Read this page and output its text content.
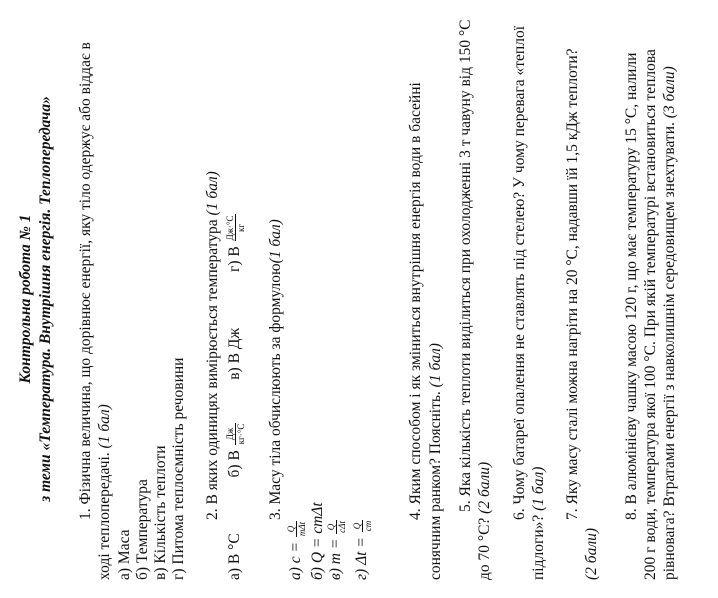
Контрольна робота № 1 з теми «Температура. Внутрішня енергія. Теплопередача» 1. Фізична величина, що дорівнює енергії, яку тіло одержує або віддає в ході теплопередачі. (1 бал)
а) Маса б) Температура в) Кількість теплоти г) Питома теплоємність речовини 2. В яких одиницях вимірюється температура (1 бал)
а) В °С б) В
Дж кг·°С
в) В Дж г) В
Дж·°С кг
3. Масу тіла обчислюють за формулою(1 бал)
а) c =
Q mΔt б) Q = cmΔt в) m =
Q cΔt
г) Δt =
Q cm
4. Яким способом і як зміниться внутрішня енергія води в басейні сонячним ранком? Поясніть. (1 бал) 5. Яка кількість теплоти виділиться при охолодженні 3 т чавуну від 150 °С
до 70 °С? (2 бали) 6. Чому батареї опалення не ставлять під стелею? У чому перевага «теплої
підлоги»? (1 бал) 7. Яку масу сталі можна нагріти на 20 °С, надавши їй 1,5 кДж теплоти?
(2 бали)
8. В алюмінієву чашку масою 120 г, що має температуру 15 °С, налили 200 г води, температура якої 100 °С. При якій температурі встановиться теплова рівновага? Втратами енергії з навколишнім середовищем знехтувати. (3 бали)
